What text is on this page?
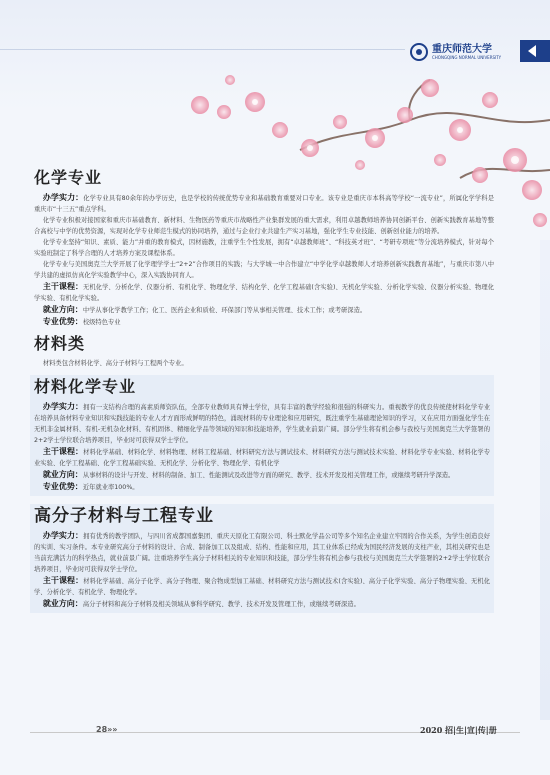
重庆师范大学
CHONGQING NORMAL UNIVERSITY
化学专业

办学实力：化学专业具有80余年的办学历史，也是学校的传统优势专业和基础教育重要对口专业。该专业是重庆市本科高等学校“一流专业”，所属化学学科是重庆市“十三五”重点学科。

化学专业积极对接国家和重庆市基础教育、新材料、生物医药等重庆市战略性产业集群发展的重大需求，利用卓越教师培养协同创新平台、创新实践教育基地等整合高校与中学的优势资源，实现对化学专业师范生模式的协同培养，通过与企业行业共建生产实习基地，强化学生专业技能、创新创业能力的培养。

化学专业坚持“知识、素质、能力”并重的教育模式，因材施教，注重学生个性发展，拥有“卓越教师班”、“科技英才班”、“考研专项班”等分流培养模式，针对每个实验班制定了科学合理的人才培养方案及课程体系。

化学专业与美国奥克兰大学开展了化学理学学士“2+2”合作项目的实践；与大学城一中合作建立“中学化学卓越教师人才培养创新实践教育基地”，与重庆市第八中学共建的虚拟仿真化学实验教学中心，深入实践协同育人。

主干课程：无机化学、分析化学、仪器分析、有机化学、物理化学、结构化学、化学工程基础(含实验)、无机化学实验、分析化学实验、仪器分析实验、物理化学实验、有机化学实验。

就业方向：中学从事化学教学工作；化工、医药企业和质检、环保部门等从事相关管理、技术工作；或考研深造。

专业优势：校级特色专业

材料类

材料类包含材料化学、高分子材料与工程两个专业。

材料化学专业

办学实力：拥有一支结构合理的高素质师资队伍，全部专业教师具有博士学位，具有丰富的教学经验和很强的科研实力。重视教学的优良传统使材料化学专业在培养具备材料专业知识和实践技能的专业人才方面形成鲜明的特色，涌现材料的专业理论和应用研究，既注重学生基础理论知识的学习，又在应用方面强化学生在无机非金属材料、有机-无机杂化材料、有机固体、精细化学品等领域的知识和技能培养，学生就业前景广阔。部分学生将有机会参与我校与美国奥克兰大学签署的2+2学士学位联合培养项目，毕业时可获得双学士学位。

主干课程：材料化学基础、材料化学、材料物理、材料工程基础、材料研究方法与测试技术、材料研究方法与测试技术实验、材料化学专业实验、材料化学专业实验、化学工程基础、化学工程基础实验、无机化学、分析化学、物理化学、有机化学

就业方向：从事材料的设计与开发、材料的制备、加工、性能测试及改进等方面的研究、教学、技术开发及相关管理工作，或继续考研升学深造。

专业优势：近年就业率100%。

高分子材料与工程专业

办学实力：拥有优秀的教学团队，与四川省成都国嘉集团、重庆天原化工有限公司、科士默化学品公司等多个知名企业建立牢固的合作关系，为学生创造良好的实训、实习条件。本专业研究高分子材料的设计、合成、制备加工以及组成、结构、性能和应用，其工业体系已经成为国民经济发展的支柱产业，其相关研究也是当前充满活力的科学热点，就业前景广阔。注重培养学生高分子材料相关的专业知识和技能，部分学生将有机会参与我校与美国奥克兰大学签署的2+2学士学位联合培养项目，毕业时可获得双学士学位。

主干课程：材料化学基础、高分子化学、高分子物理、聚合物成型加工基础、材料研究方法与测试技术(含实验)、高分子化学实验、高分子物理实验、无机化学、分析化学、有机化学、物理化学。

就业方向：高分子材料和高分子材料及相关领域从事科学研究、教学、技术开发及管理工作，或继续考研深造。

28»»	2020 招|生|宣|传|册
